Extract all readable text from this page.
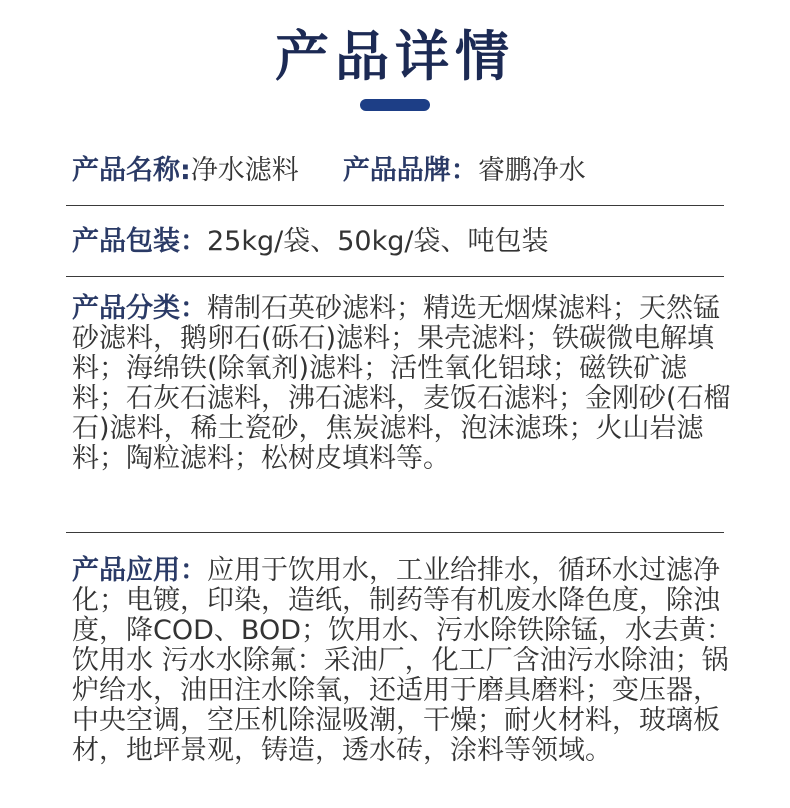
产品详情
产品名称:净水滤料 产品品牌：睿鹏净水
产品包装：25kg/袋、50kg/袋、吨包装
产品分类：精制石英砂滤料；精选无烟煤滤料；天然锰砂滤料，鹅卵石(砾石)滤料；果壳滤料；铁碳微电解填料；海绵铁(除氧剂)滤料；活性氧化铝球；磁铁矿滤料；石灰石滤料，沸石滤料，麦饭石滤料；金刚砂(石榴石)滤料，稀土瓷砂，焦炭滤料，泡沫滤珠；火山岩滤料；陶粒滤料；松树皮填料等。
产品应用：应用于饮用水，工业给排水，循环水过滤净化；电镀，印染，造纸，制药等有机废水降色度，除浊度，降COD、BOD；饮用水、污水除铁除锰，水去黄：饮用水 污水水除氟：采油厂，化工厂含油污水除油；锅炉给水，油田注水除氧，还适用于磨具磨料；变压器，中央空调，空压机除湿吸潮，干燥；耐火材料，玻璃板材，地坪景观，铸造，透水砖，涂料等领域。
